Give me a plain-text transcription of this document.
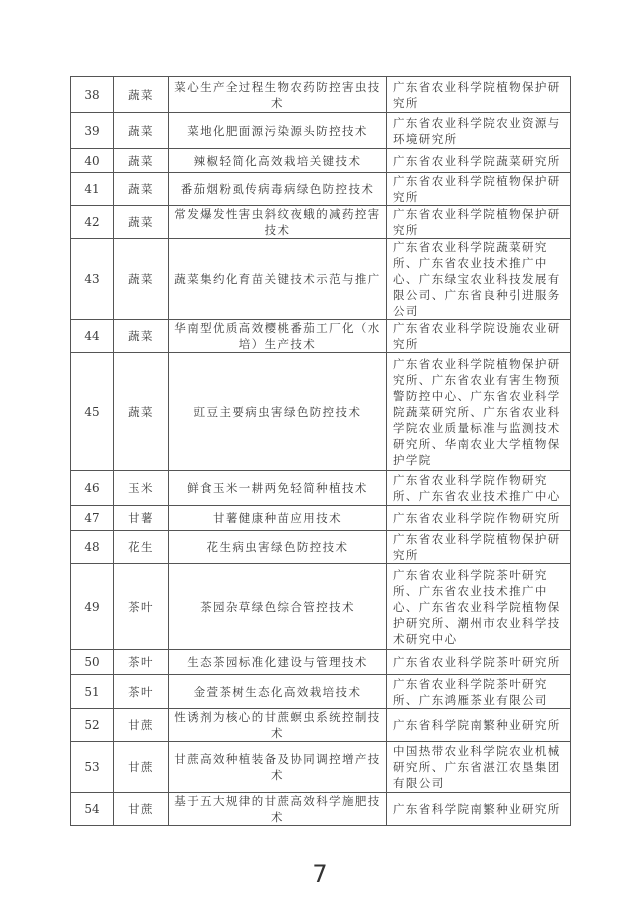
38	蔬菜	菜心生产全过程生物农药防控害虫技术	广东省农业科学院植物保护研究所
39	蔬菜	菜地化肥面源污染源头防控技术	广东省农业科学院农业资源与环境研究所
40	蔬菜	辣椒轻简化高效栽培关键技术	广东省农业科学院蔬菜研究所
41	蔬菜	番茄烟粉虱传病毒病绿色防控技术	广东省农业科学院植物保护研究所
42	蔬菜	常发爆发性害虫斜纹夜蛾的减药控害技术	广东省农业科学院植物保护研究所
43	蔬菜	蔬菜集约化育苗关键技术示范与推广	广东省农业科学院蔬菜研究所、广东省农业技术推广中心、广东绿宝农业科技发展有限公司、广东省良种引进服务公司
44	蔬菜	华南型优质高效樱桃番茄工厂化（水培）生产技术	广东省农业科学院设施农业研究所
45	蔬菜	豇豆主要病虫害绿色防控技术	广东省农业科学院植物保护研究所、广东省农业有害生物预警防控中心、广东省农业科学院蔬菜研究所、广东省农业科学院农业质量标准与监测技术研究所、华南农业大学植物保护学院
46	玉米	鲜食玉米一耕两免轻简种植技术	广东省农业科学院作物研究所、广东省农业技术推广中心
47	甘薯	甘薯健康种苗应用技术	广东省农业科学院作物研究所
48	花生	花生病虫害绿色防控技术	广东省农业科学院植物保护研究所
49	茶叶	茶园杂草绿色综合管控技术	广东省农业科学院茶叶研究所、广东省农业技术推广中心、广东省农业科学院植物保护研究所、潮州市农业科学技术研究中心
50	茶叶	生态茶园标准化建设与管理技术	广东省农业科学院茶叶研究所
51	茶叶	金萱茶树生态化高效栽培技术	广东省农业科学院茶叶研究所、广东鸿雁茶业有限公司
52	甘蔗	性诱剂为核心的甘蔗螟虫系统控制技术	广东省科学院南繁种业研究所
53	甘蔗	甘蔗高效种植装备及协同调控增产技术	中国热带农业科学院农业机械研究所、广东省湛江农垦集团有限公司
54	甘蔗	基于五大规律的甘蔗高效科学施肥技术	广东省科学院南繁种业研究所
7
